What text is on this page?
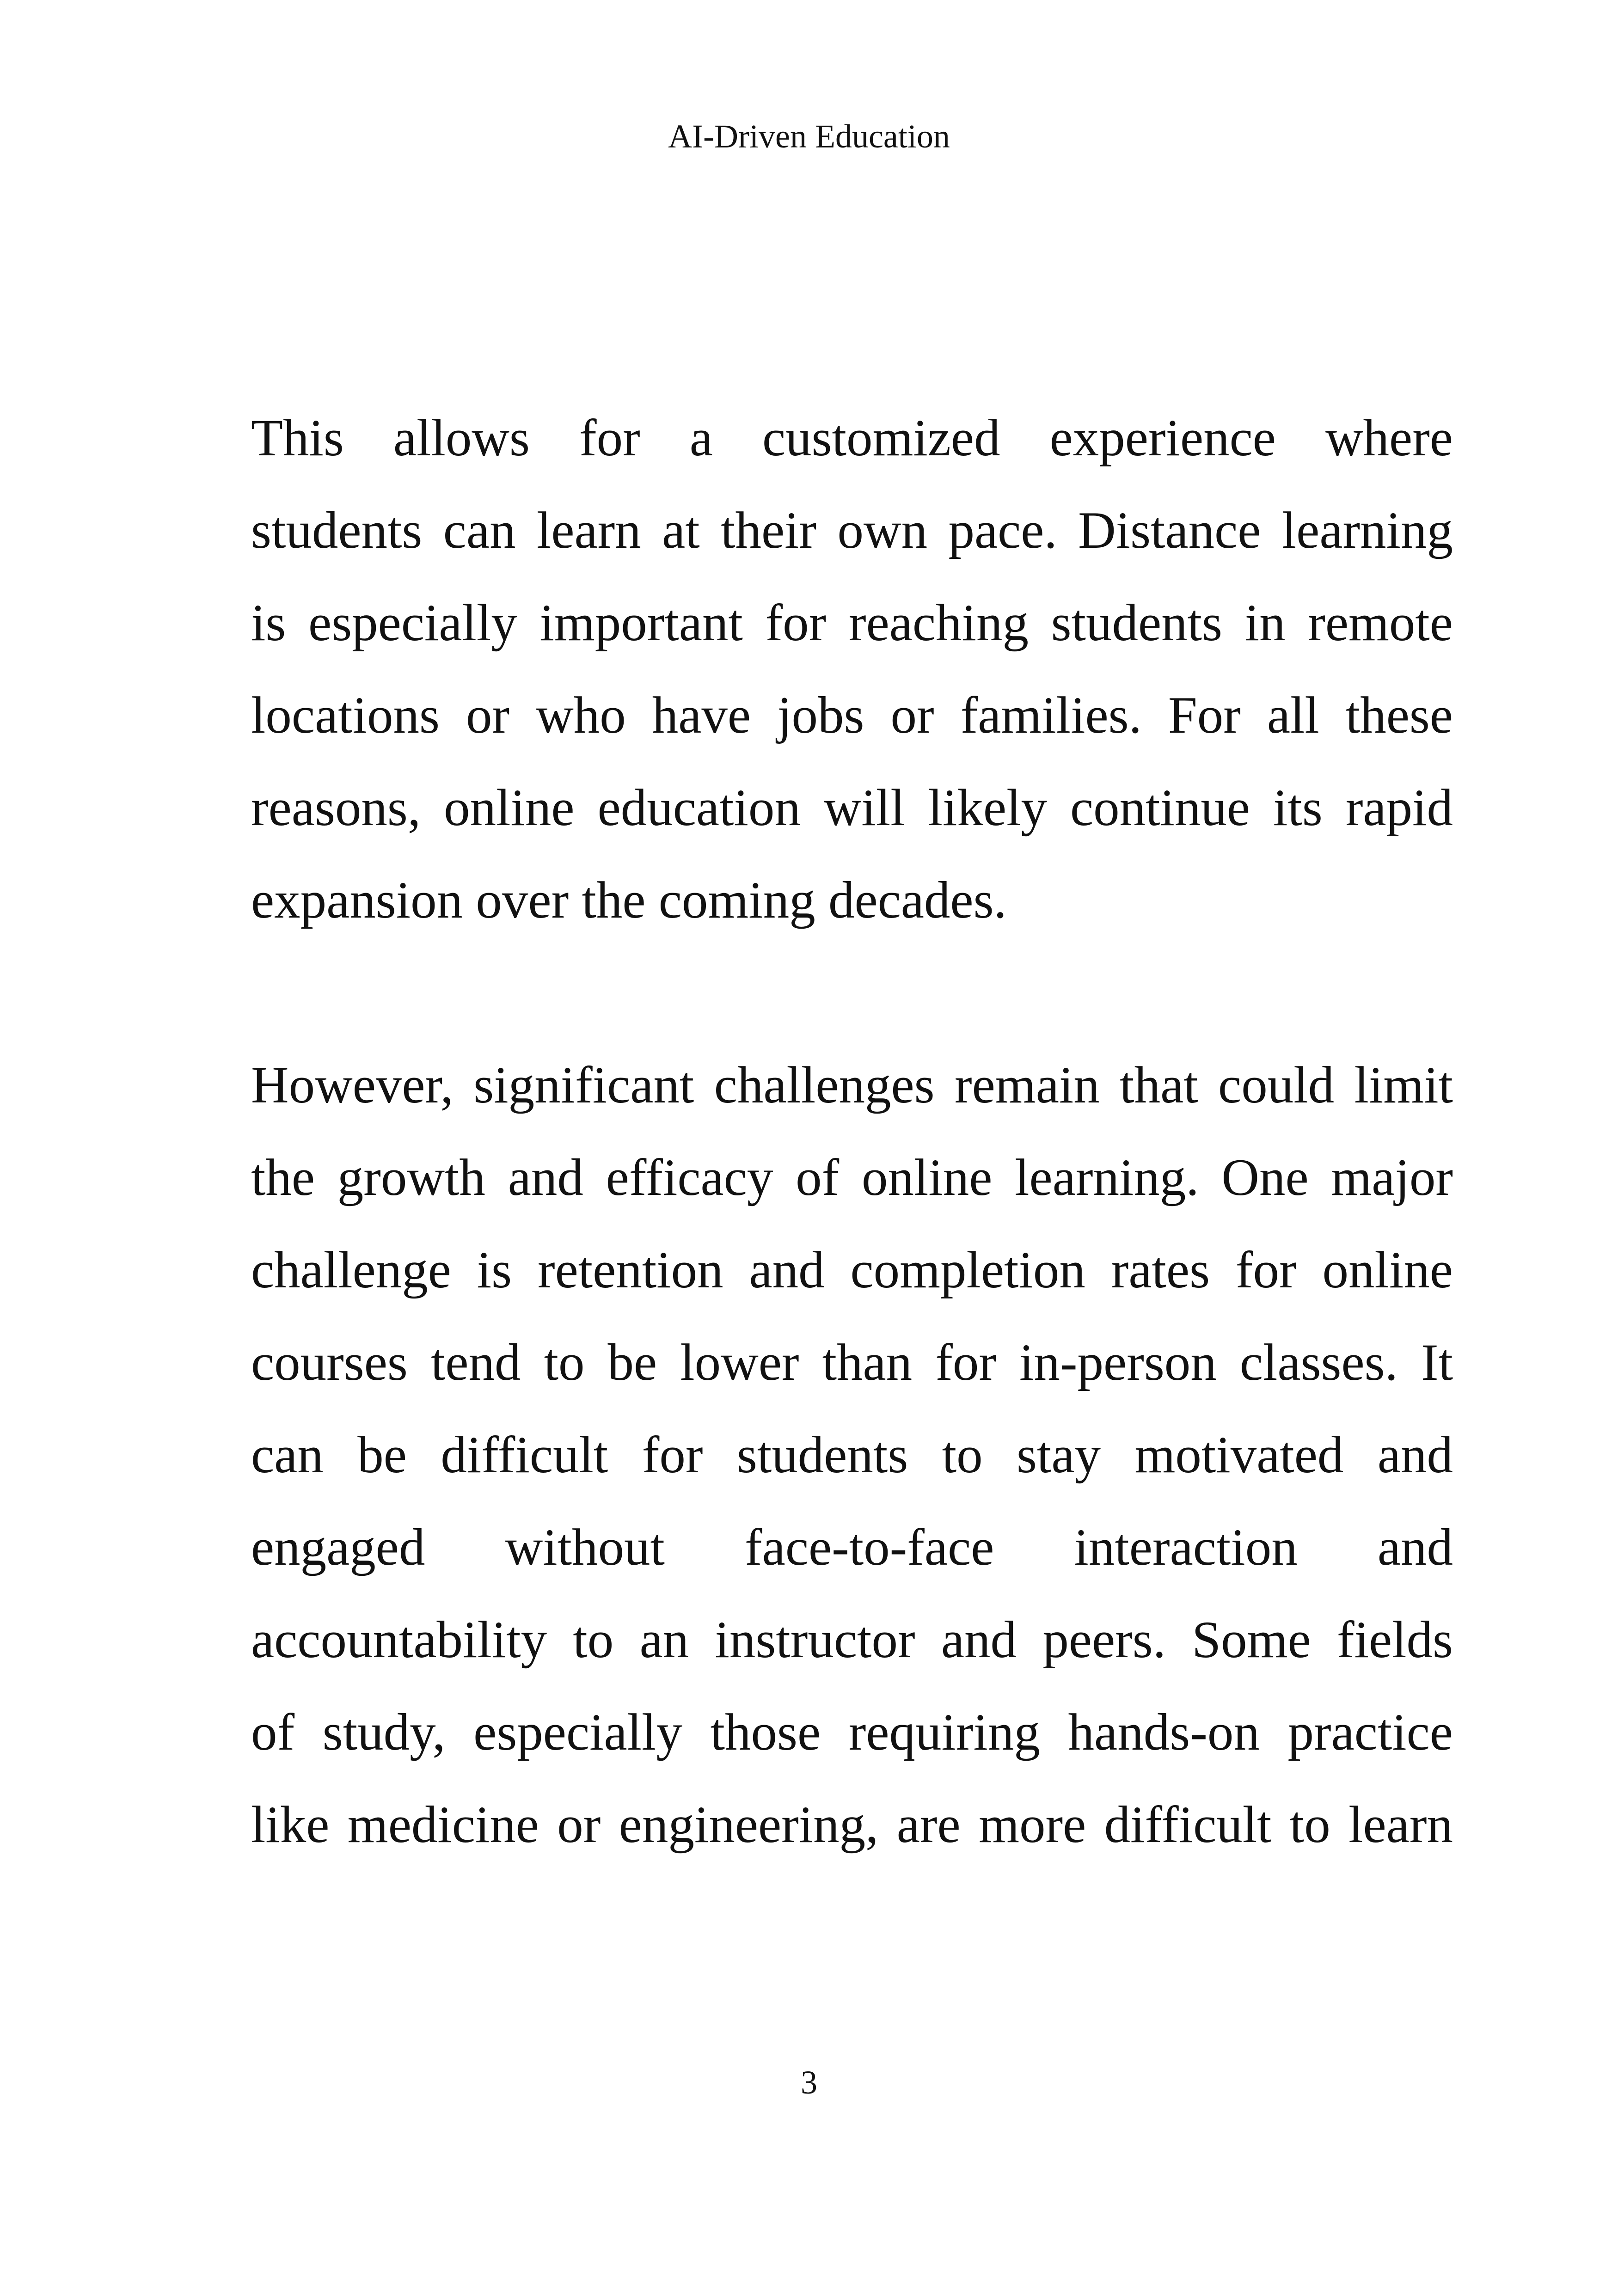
AI-Driven Education

This allows for a customized experience where
students can learn at their own pace. Distance learning
is especially important for reaching students in remote
locations or who have jobs or families. For all these
reasons, online education will likely continue its rapid
expansion over the coming decades.

However, significant challenges remain that could limit
the growth and efficacy of online learning. One major
challenge is retention and completion rates for online
courses tend to be lower than for in-person classes. It
can be difficult for students to stay motivated and
engaged without face-to-face interaction and
accountability to an instructor and peers. Some fields
of study, especially those requiring hands-on practice
like medicine or engineering, are more difficult to learn

3
